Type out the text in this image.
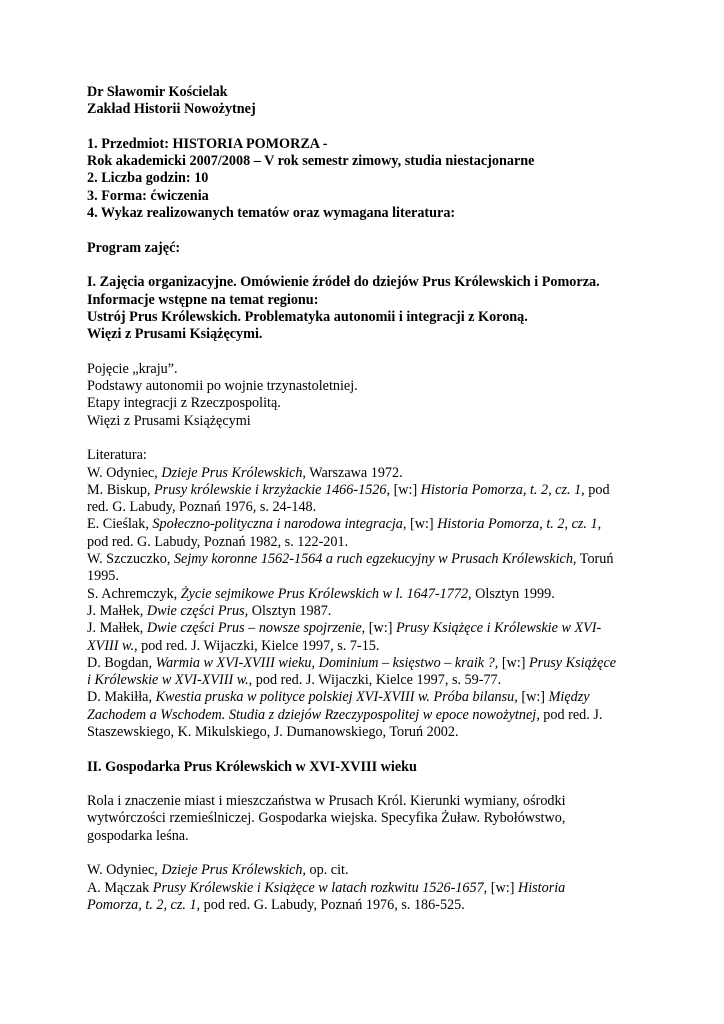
Dr Sławomir Kościelak
Zakład Historii Nowożytnej
1. Przedmiot: HISTORIA POMORZA -
Rok akademicki 2007/2008 – V rok semestr zimowy, studia niestacjonarne
2. Liczba godzin: 10
3. Forma: ćwiczenia
4. Wykaz realizowanych tematów oraz wymagana literatura:
Program zajęć:
I. Zajęcia organizacyjne. Omówienie źródeł do dziejów Prus Królewskich i Pomorza.
Informacje wstępne na temat regionu:
Ustrój Prus Królewskich. Problematyka autonomii i integracji z Koroną.
Więzi z Prusami Książęcymi.
Pojęcie „kraju”.
Podstawy autonomii po wojnie trzynastoletniej.
Etapy integracji z Rzeczpospolitą.
Więzi z Prusami Książęcymi
Literatura:
W. Odyniec, Dzieje Prus Królewskich, Warszawa 1972.
M. Biskup, Prusy królewskie i krzyżackie 1466-1526, [w:] Historia Pomorza, t. 2, cz. 1, pod
red. G. Labudy, Poznań 1976, s. 24-148.
E. Cieślak, Społeczno-polityczna i narodowa integracja, [w:] Historia Pomorza, t. 2, cz. 1,
pod red. G. Labudy, Poznań 1982, s. 122-201.
W. Szczuczko, Sejmy koronne 1562-1564 a ruch egzekucyjny w Prusach Królewskich, Toruń
1995.
S. Achremczyk, Życie sejmikowe Prus Królewskich w l. 1647-1772, Olsztyn 1999.
J. Małłek, Dwie części Prus, Olsztyn 1987.
J. Małłek, Dwie części Prus – nowsze spojrzenie, [w:] Prusy Książęce i Królewskie w XVI-
XVIII w., pod red. J. Wijaczki, Kielce 1997, s. 7-15.
D. Bogdan, Warmia w XVI-XVIII wieku, Dominium – księstwo – kraik ?, [w:] Prusy Książęce
i Królewskie w XVI-XVIII w., pod red. J. Wijaczki, Kielce 1997, s. 59-77.
D. Makiłła, Kwestia pruska w polityce polskiej XVI-XVIII w. Próba bilansu, [w:] Między
Zachodem a Wschodem. Studia z dziejów Rzeczypospolitej w epoce nowożytnej, pod red. J.
Staszewskiego, K. Mikulskiego, J. Dumanowskiego, Toruń 2002.
II. Gospodarka Prus Królewskich w XVI-XVIII wieku
Rola i znaczenie miast i mieszczaństwa w Prusach Król. Kierunki wymiany, ośrodki
wytwórczości rzemieślniczej. Gospodarka wiejska. Specyfika Żuław. Rybołówstwo,
gospodarka leśna.
W. Odyniec, Dzieje Prus Królewskich, op. cit.
A. Mączak Prusy Królewskie i Książęce w latach rozkwitu 1526-1657, [w:] Historia
Pomorza, t. 2, cz. 1, pod red. G. Labudy, Poznań 1976, s. 186-525.
